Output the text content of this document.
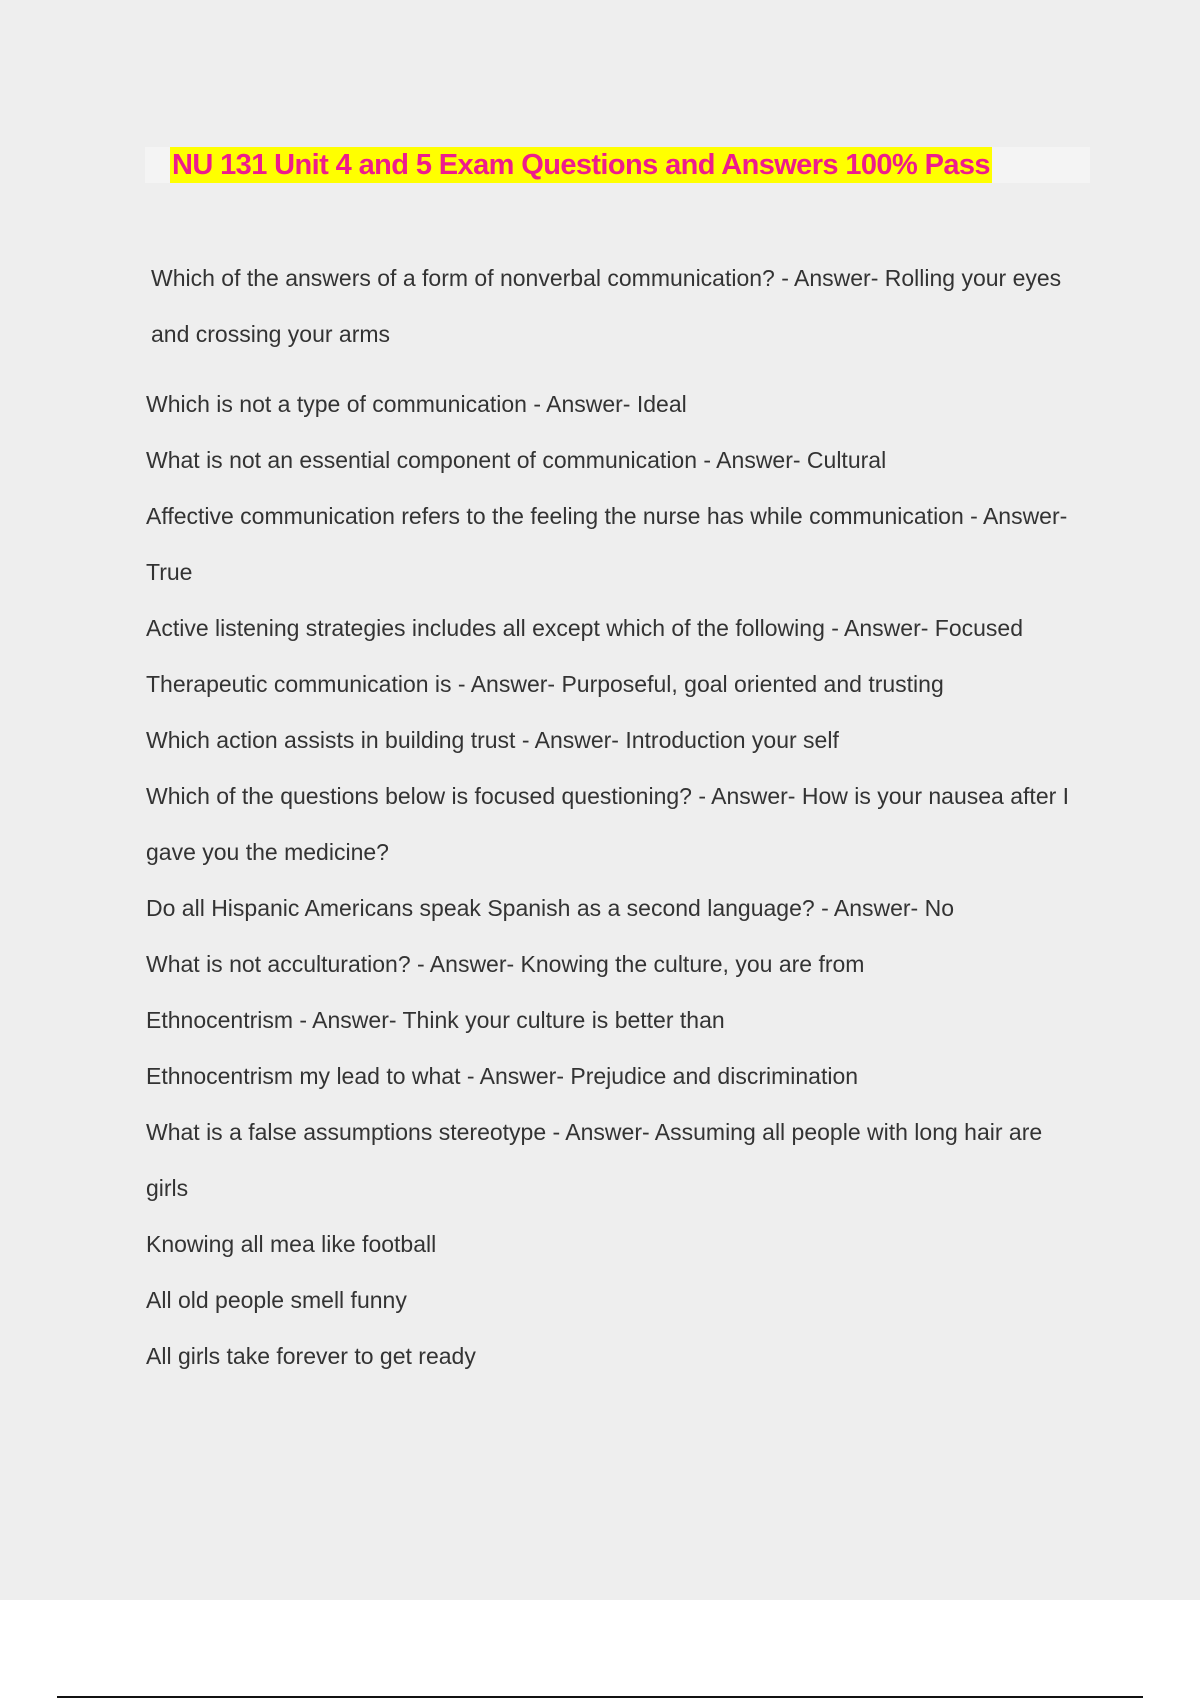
NU 131 Unit 4 and 5 Exam Questions and Answers 100% Pass

Which of the answers of a form of nonverbal communication? - Answer- Rolling your eyes and crossing your arms

Which is not a type of communication - Answer- Ideal

What is not an essential component of communication - Answer- Cultural

Affective communication refers to the feeling the nurse has while communication - Answer- True

Active listening strategies includes all except which of the following - Answer- Focused

Therapeutic communication is - Answer- Purposeful, goal oriented and trusting

Which action assists in building trust - Answer- Introduction your self

Which of the questions below is focused questioning? - Answer- How is your nausea after I gave you the medicine?

Do all Hispanic Americans speak Spanish as a second language? - Answer- No

What is not acculturation? - Answer- Knowing the culture, you are from

Ethnocentrism - Answer- Think your culture is better than

Ethnocentrism my lead to what - Answer- Prejudice and discrimination

What is a false assumptions stereotype - Answer- Assuming all people with long hair are girls

Knowing all mea like football

All old people smell funny

All girls take forever to get ready
